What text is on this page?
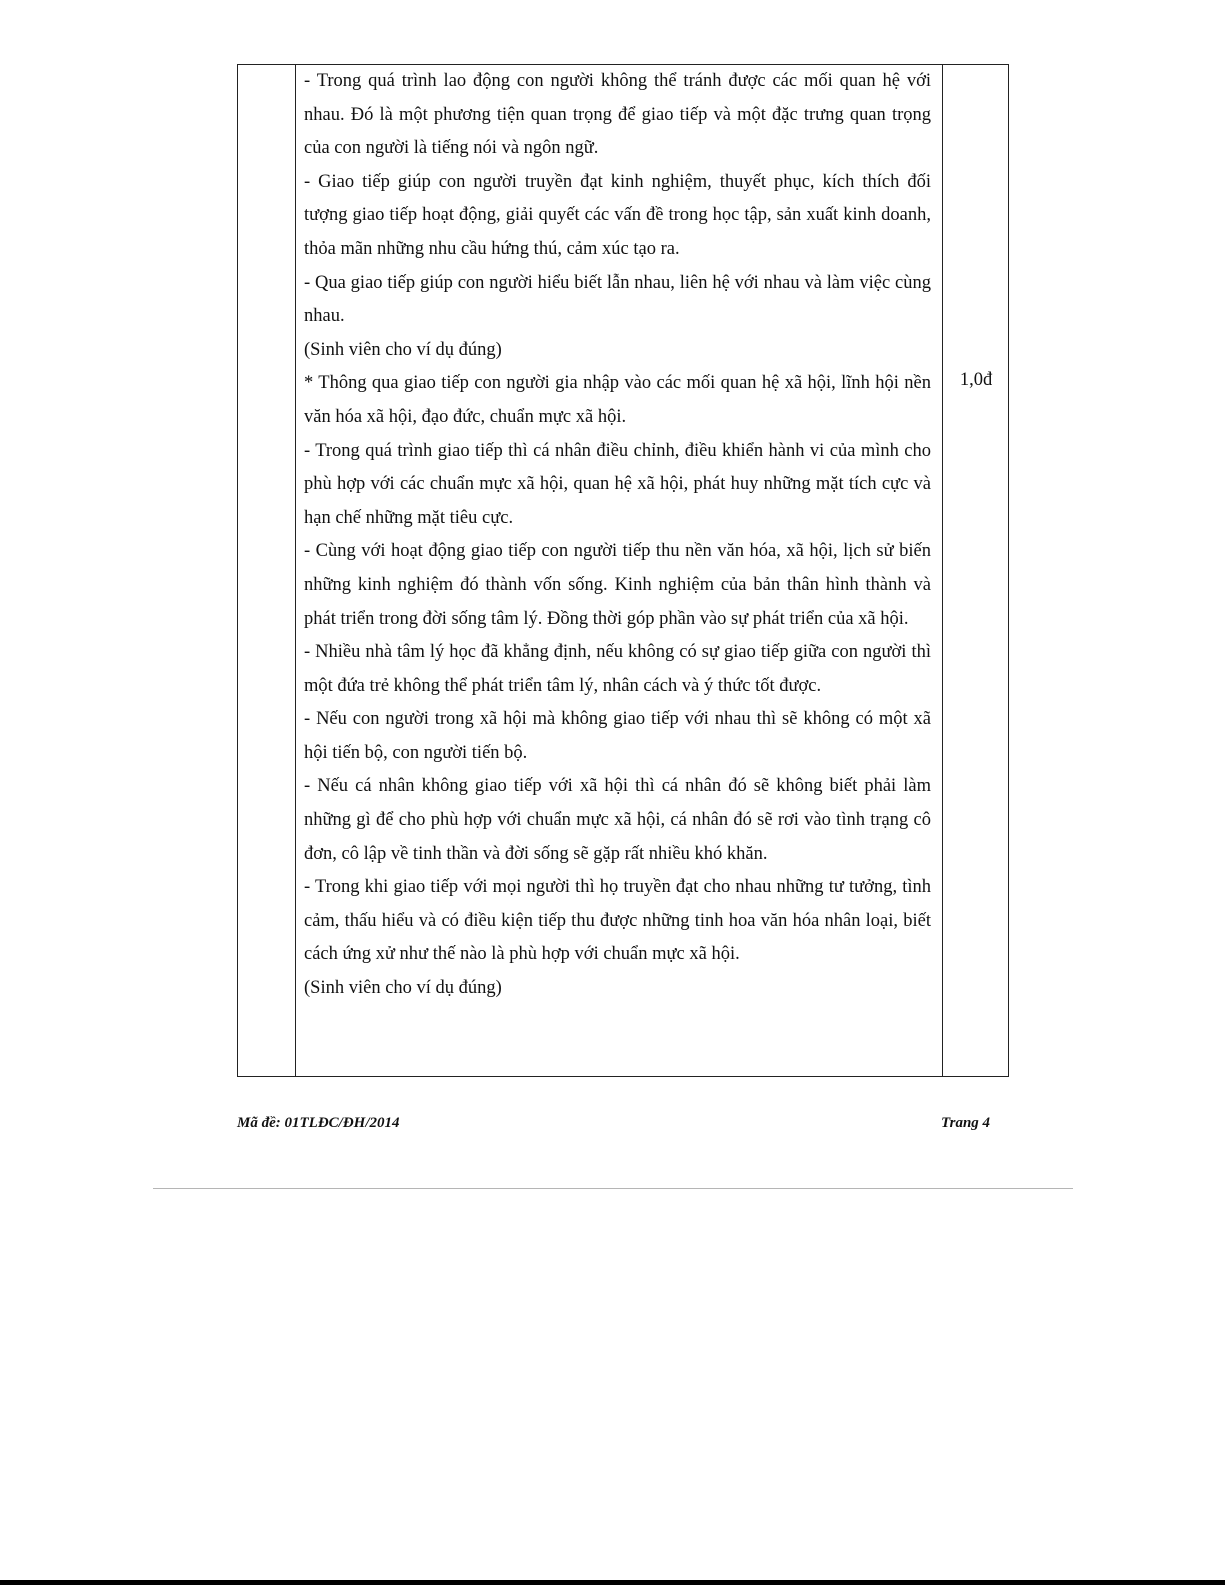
- Trong quá trình lao động con người không thể tránh được các mối quan hệ với nhau. Đó là một phương tiện quan trọng để giao tiếp và một đặc trưng quan trọng của con người là tiếng nói và ngôn ngữ.

- Giao tiếp giúp con người truyền đạt kinh nghiệm, thuyết phục, kích thích đối tượng giao tiếp hoạt động, giải quyết các vấn đề trong học tập, sản xuất kinh doanh, thỏa mãn những nhu cầu hứng thú, cảm xúc tạo ra.

- Qua giao tiếp giúp con người hiểu biết lẫn nhau, liên hệ với nhau và làm việc cùng nhau.

(Sinh viên cho ví dụ đúng)

* Thông qua giao tiếp con người gia nhập vào các mối quan hệ xã hội, lĩnh hội nền văn hóa xã hội, đạo đức, chuẩn mực xã hội.

- Trong quá trình giao tiếp thì cá nhân điều chỉnh, điều khiển hành vi của mình cho phù hợp với các chuẩn mực xã hội, quan hệ xã hội, phát huy những mặt tích cực và hạn chế những mặt tiêu cực.

- Cùng với hoạt động giao tiếp con người tiếp thu nền văn hóa, xã hội, lịch sử biến những kinh nghiệm đó thành vốn sống. Kinh nghiệm của bản thân hình thành và phát triển trong đời sống tâm lý. Đồng thời góp phần vào sự phát triển của xã hội.

- Nhiều nhà tâm lý học đã khẳng định, nếu không có sự giao tiếp giữa con người thì một đứa trẻ không thể phát triển tâm lý, nhân cách và ý thức tốt được.

- Nếu con người trong xã hội mà không giao tiếp với nhau thì sẽ không có một xã hội tiến bộ, con người tiến bộ.

- Nếu cá nhân không giao tiếp với xã hội thì cá nhân đó sẽ không biết phải làm những gì để cho phù hợp với chuẩn mực xã hội, cá nhân đó sẽ rơi vào tình trạng cô đơn, cô lập về tinh thần và đời sống sẽ gặp rất nhiều khó khăn.

- Trong khi giao tiếp với mọi người thì họ truyền đạt cho nhau những tư tưởng, tình cảm, thấu hiểu và có điều kiện tiếp thu được những tinh hoa văn hóa nhân loại, biết cách ứng xử như thế nào là phù hợp với chuẩn mực xã hội.

(Sinh viên cho ví dụ đúng)

1,0đ
Mã đề: 01TLĐC/ĐH/2014	Trang 4
